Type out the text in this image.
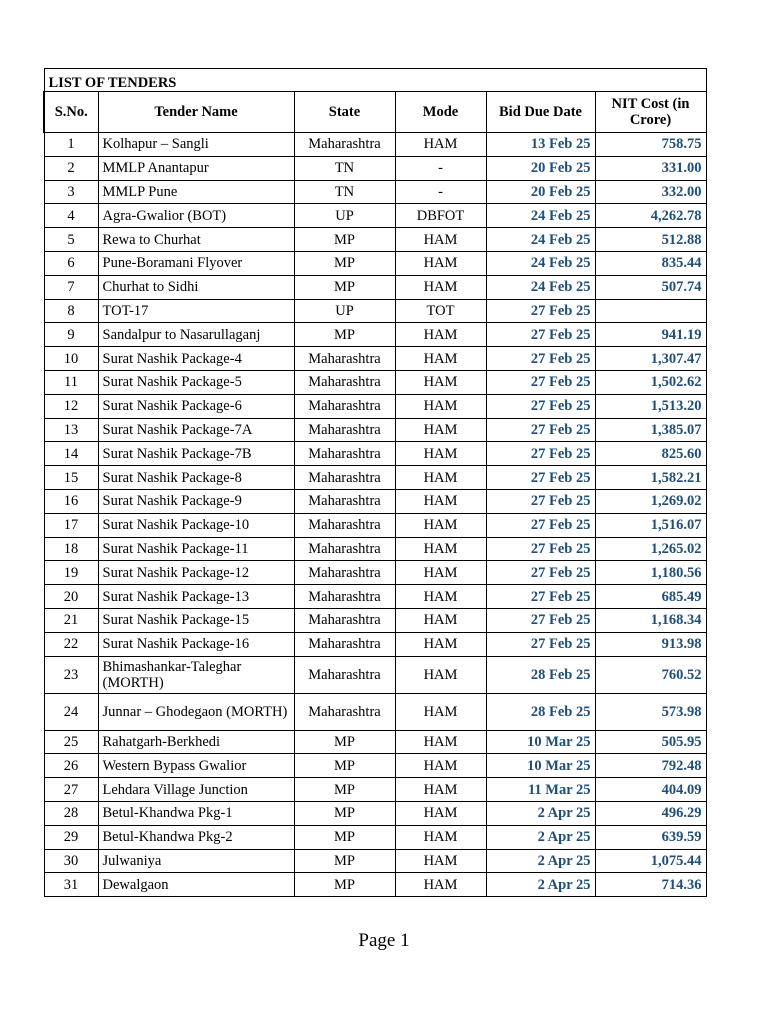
LIST OF TENDERS					
S.No.	Tender Name	State	Mode	Bid Due Date	NIT Cost (in Crore)
1	Kolhapur – Sangli	Maharashtra	HAM	13 Feb 25	758.75
2	MMLP Anantapur	TN	-	20 Feb 25	331.00
3	MMLP Pune	TN	-	20 Feb 25	332.00
4	Agra-Gwalior (BOT)	UP	DBFOT	24 Feb 25	4,262.78
5	Rewa to Churhat	MP	HAM	24 Feb 25	512.88
6	Pune-Boramani Flyover	MP	HAM	24 Feb 25	835.44
7	Churhat to Sidhi	MP	HAM	24 Feb 25	507.74
8	TOT-17	UP	TOT	27 Feb 25	
9	Sandalpur to Nasarullaganj	MP	HAM	27 Feb 25	941.19
10	Surat Nashik Package-4	Maharashtra	HAM	27 Feb 25	1,307.47
11	Surat Nashik Package-5	Maharashtra	HAM	27 Feb 25	1,502.62
12	Surat Nashik Package-6	Maharashtra	HAM	27 Feb 25	1,513.20
13	Surat Nashik Package-7A	Maharashtra	HAM	27 Feb 25	1,385.07
14	Surat Nashik Package-7B	Maharashtra	HAM	27 Feb 25	825.60
15	Surat Nashik Package-8	Maharashtra	HAM	27 Feb 25	1,582.21
16	Surat Nashik Package-9	Maharashtra	HAM	27 Feb 25	1,269.02
17	Surat Nashik Package-10	Maharashtra	HAM	27 Feb 25	1,516.07
18	Surat Nashik Package-11	Maharashtra	HAM	27 Feb 25	1,265.02
19	Surat Nashik Package-12	Maharashtra	HAM	27 Feb 25	1,180.56
20	Surat Nashik Package-13	Maharashtra	HAM	27 Feb 25	685.49
21	Surat Nashik Package-15	Maharashtra	HAM	27 Feb 25	1,168.34
22	Surat Nashik Package-16	Maharashtra	HAM	27 Feb 25	913.98
23	Bhimashankar-Taleghar (MORTH)	Maharashtra	HAM	28 Feb 25	760.52
24	Junnar – Ghodegaon (MORTH)	Maharashtra	HAM	28 Feb 25	573.98
25	Rahatgarh-Berkhedi	MP	HAM	10 Mar 25	505.95
26	Western Bypass Gwalior	MP	HAM	10 Mar 25	792.48
27	Lehdara Village Junction	MP	HAM	11 Mar 25	404.09
28	Betul-Khandwa Pkg-1	MP	HAM	2 Apr 25	496.29
29	Betul-Khandwa Pkg-2	MP	HAM	2 Apr 25	639.59
30	Julwaniya	MP	HAM	2 Apr 25	1,075.44
31	Dewalgaon	MP	HAM	2 Apr 25	714.36
Page 1
